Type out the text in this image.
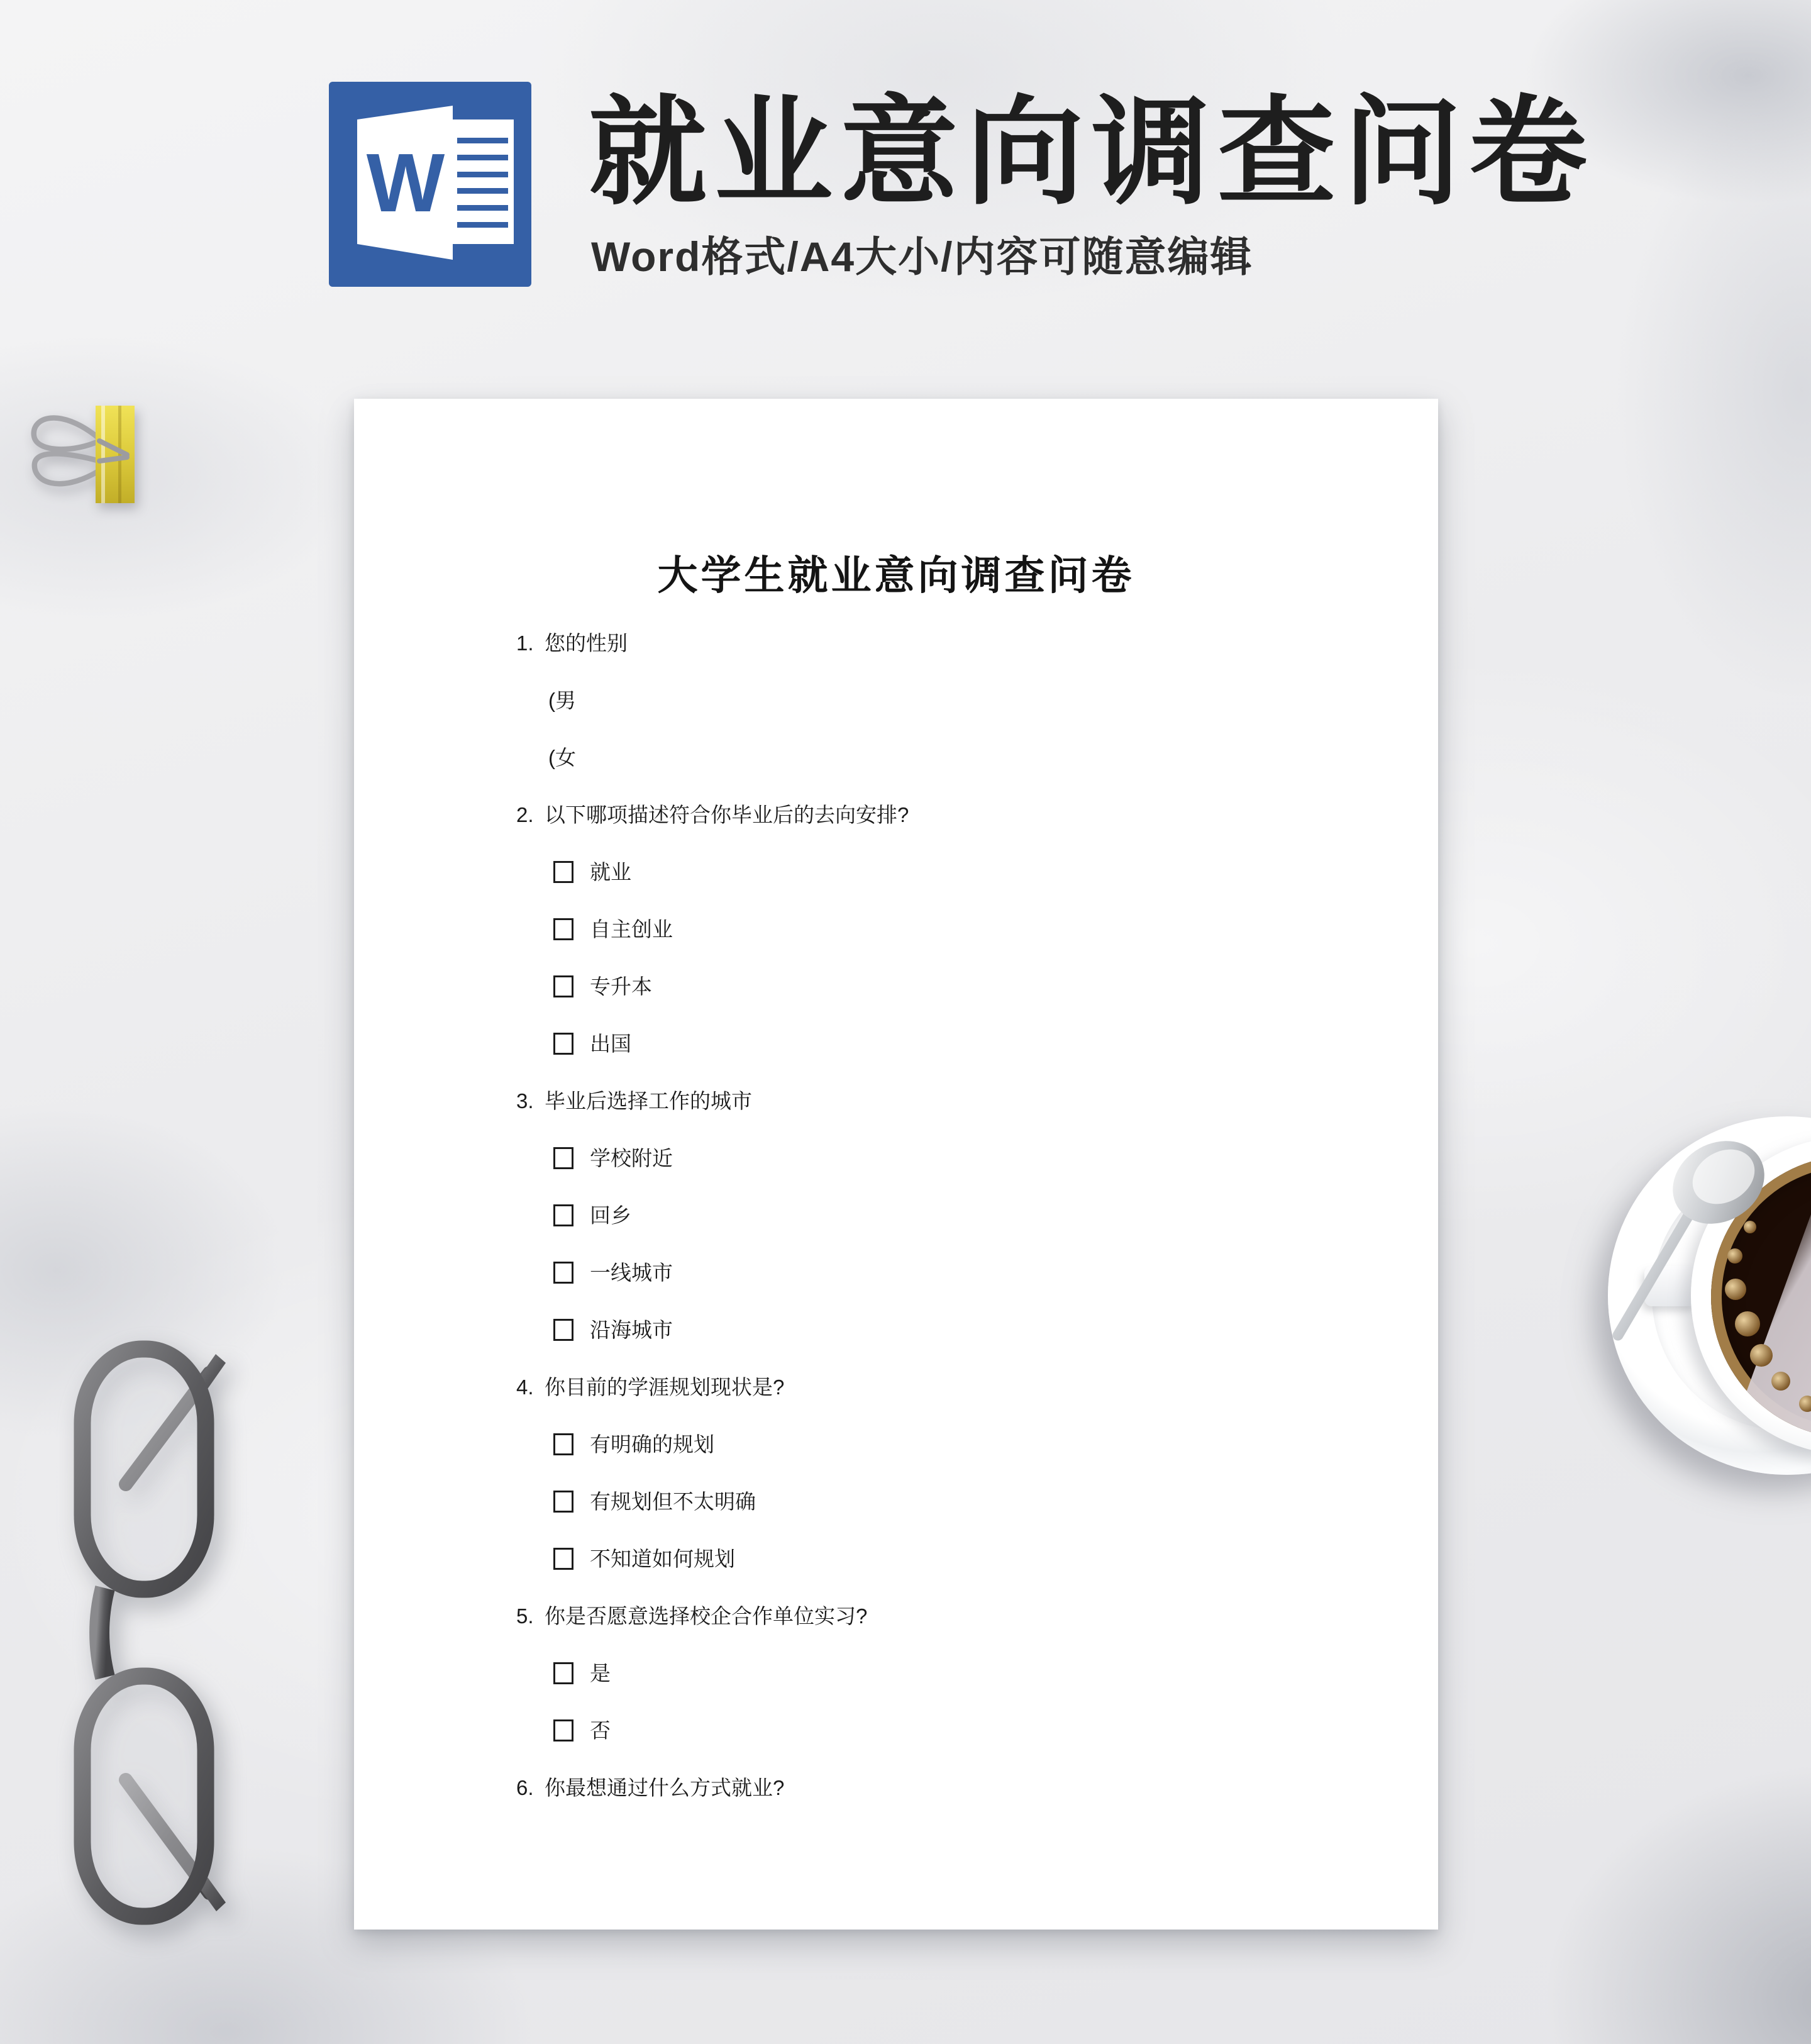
W 就业意向调查问卷
Word格式/A4大小/内容可随意编辑
大学生就业意向调查问卷
1. 您的性别
(男
(女
2. 以下哪项描述符合你毕业后的去向安排?
就业
自主创业
专升本
出国
3. 毕业后选择工作的城市
学校附近
回乡
一线城市
沿海城市
4. 你目前的学涯规划现状是?
有明确的规划
有规划但不太明确
不知道如何规划
5. 你是否愿意选择校企合作单位实习?
是
否
6. 你最想通过什么方式就业?
